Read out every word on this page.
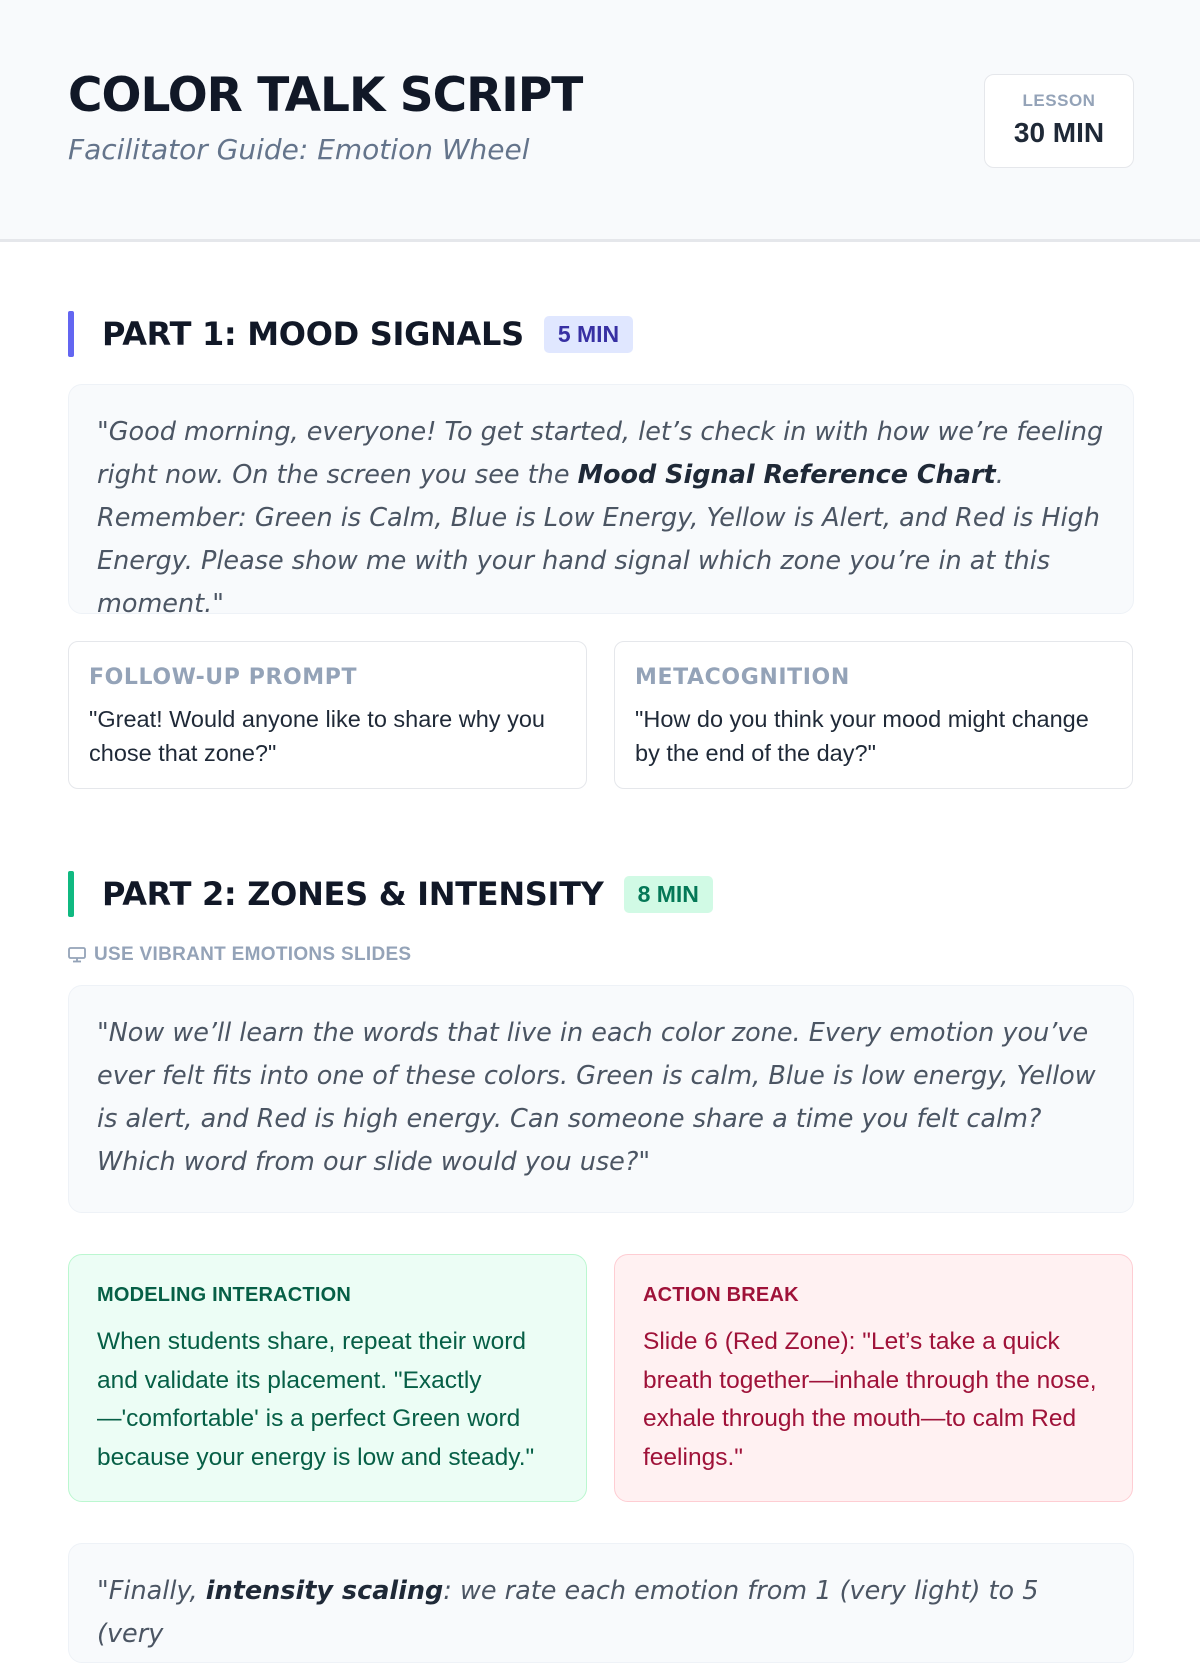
COLOR TALK SCRIPT
Facilitator Guide: Emotion Wheel
LESSON
30 MIN
PART 1: MOOD SIGNALS	5 MIN
"Good morning, everyone! To get started, let’s check in with how we’re feeling right now. On the screen you see the Mood Signal Reference Chart. Remember: Green is Calm, Blue is Low Energy, Yellow is Alert, and Red is High Energy. Please show me with your hand signal which zone you’re in at this moment."
FOLLOW-UP PROMPT
"Great! Would anyone like to share why you chose that zone?"
METACOGNITION
"How do you think your mood might change by the end of the day?"
PART 2: ZONES & INTENSITY	8 MIN
USE VIBRANT EMOTIONS SLIDES
"Now we’ll learn the words that live in each color zone. Every emotion you’ve ever felt fits into one of these colors. Green is calm, Blue is low energy, Yellow is alert, and Red is high energy. Can someone share a time you felt calm? Which word from our slide would you use?"
MODELING INTERACTION
When students share, repeat their word and validate its placement. "Exactly—'comfortable' is a perfect Green word because your energy is low and steady."
ACTION BREAK
Slide 6 (Red Zone): "Let’s take a quick breath together—inhale through the nose, exhale through the mouth—to calm Red feelings."
"Finally, intensity scaling: we rate each emotion from 1 (very light) to 5 (very
